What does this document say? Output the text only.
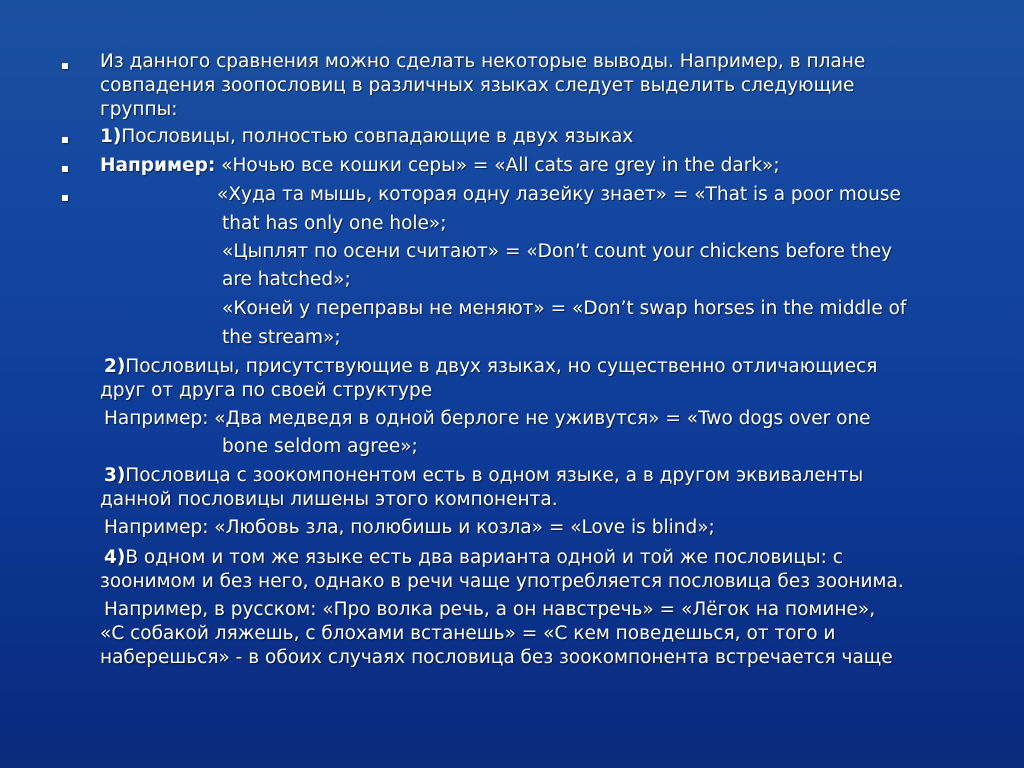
Из данного сравнения можно сделать некоторые выводы. Например, в плане
совпадения зоопословиц в различных языках следует выделить следующие
группы:
1)Пословицы, полностью совпадающие в двух языках
Например: «Ночью все кошки серы» = «All cats are grey in the dark»;
«Худа та мышь, которая одну лазейку знает» = «That is a poor mouse
that has only one hole»;
«Цыплят по осени считают» = «Don’t count your chickens before they
are hatched»;
«Коней у переправы не меняют» = «Don’t swap horses in the middle of
the stream»;
2)Пословицы, присутствующие в двух языках, но существенно отличающиеся
друг от друга по своей структуре
Например: «Два медведя в одной берлоге не уживутся» = «Two dogs over one
bone seldom agree»;
3)Пословица с зоокомпонентом есть в одном языке, а в другом эквиваленты
данной пословицы лишены этого компонента.
Например: «Любовь зла, полюбишь и козла» = «Love is blind»;
4)В одном и том же языке есть два варианта одной и той же пословицы: с
зоонимом и без него, однако в речи чаще употребляется пословица без зоонима.
Например, в русском: «Про волка речь, а он навстречь» = «Лёгок на помине»,
«С собакой ляжешь, с блохами встанешь» = «С кем поведешься, от того и
наберешься» - в обоих случаях пословица без зоокомпонента встречается чаще
